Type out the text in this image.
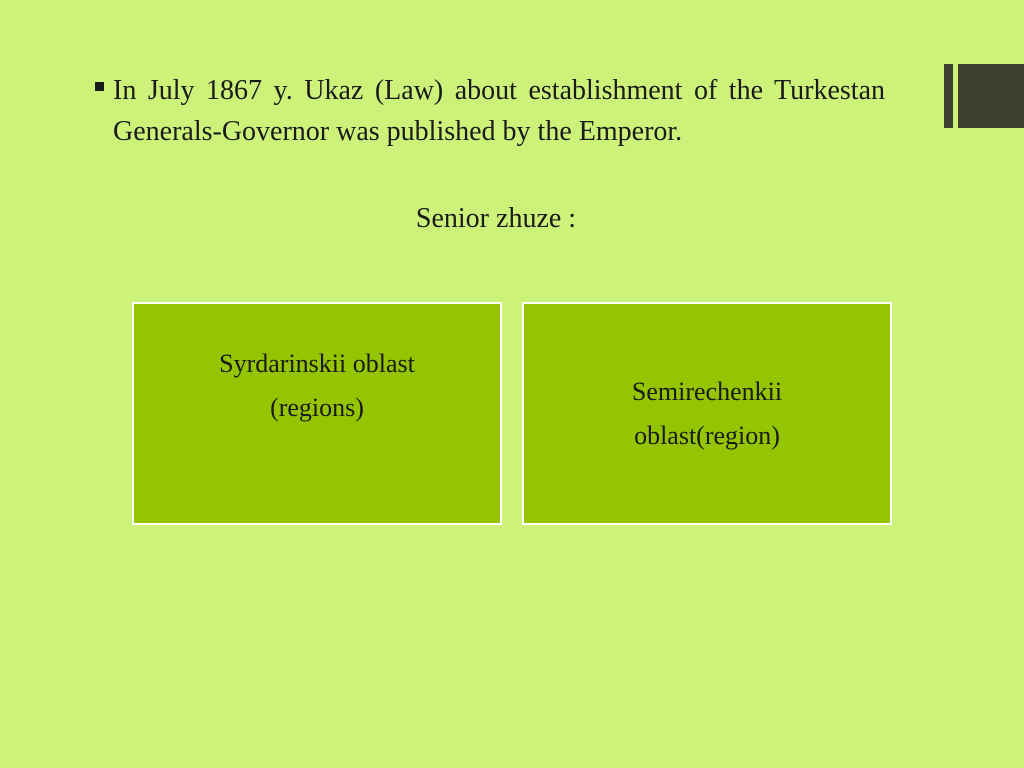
In July 1867 y. Ukaz (Law) about establishment of the Turkestan Generals-Governor was published by the Emperor.
Senior zhuze :
Syrdarinskii oblast
(regions)
Semirechenkii
oblast(region)
